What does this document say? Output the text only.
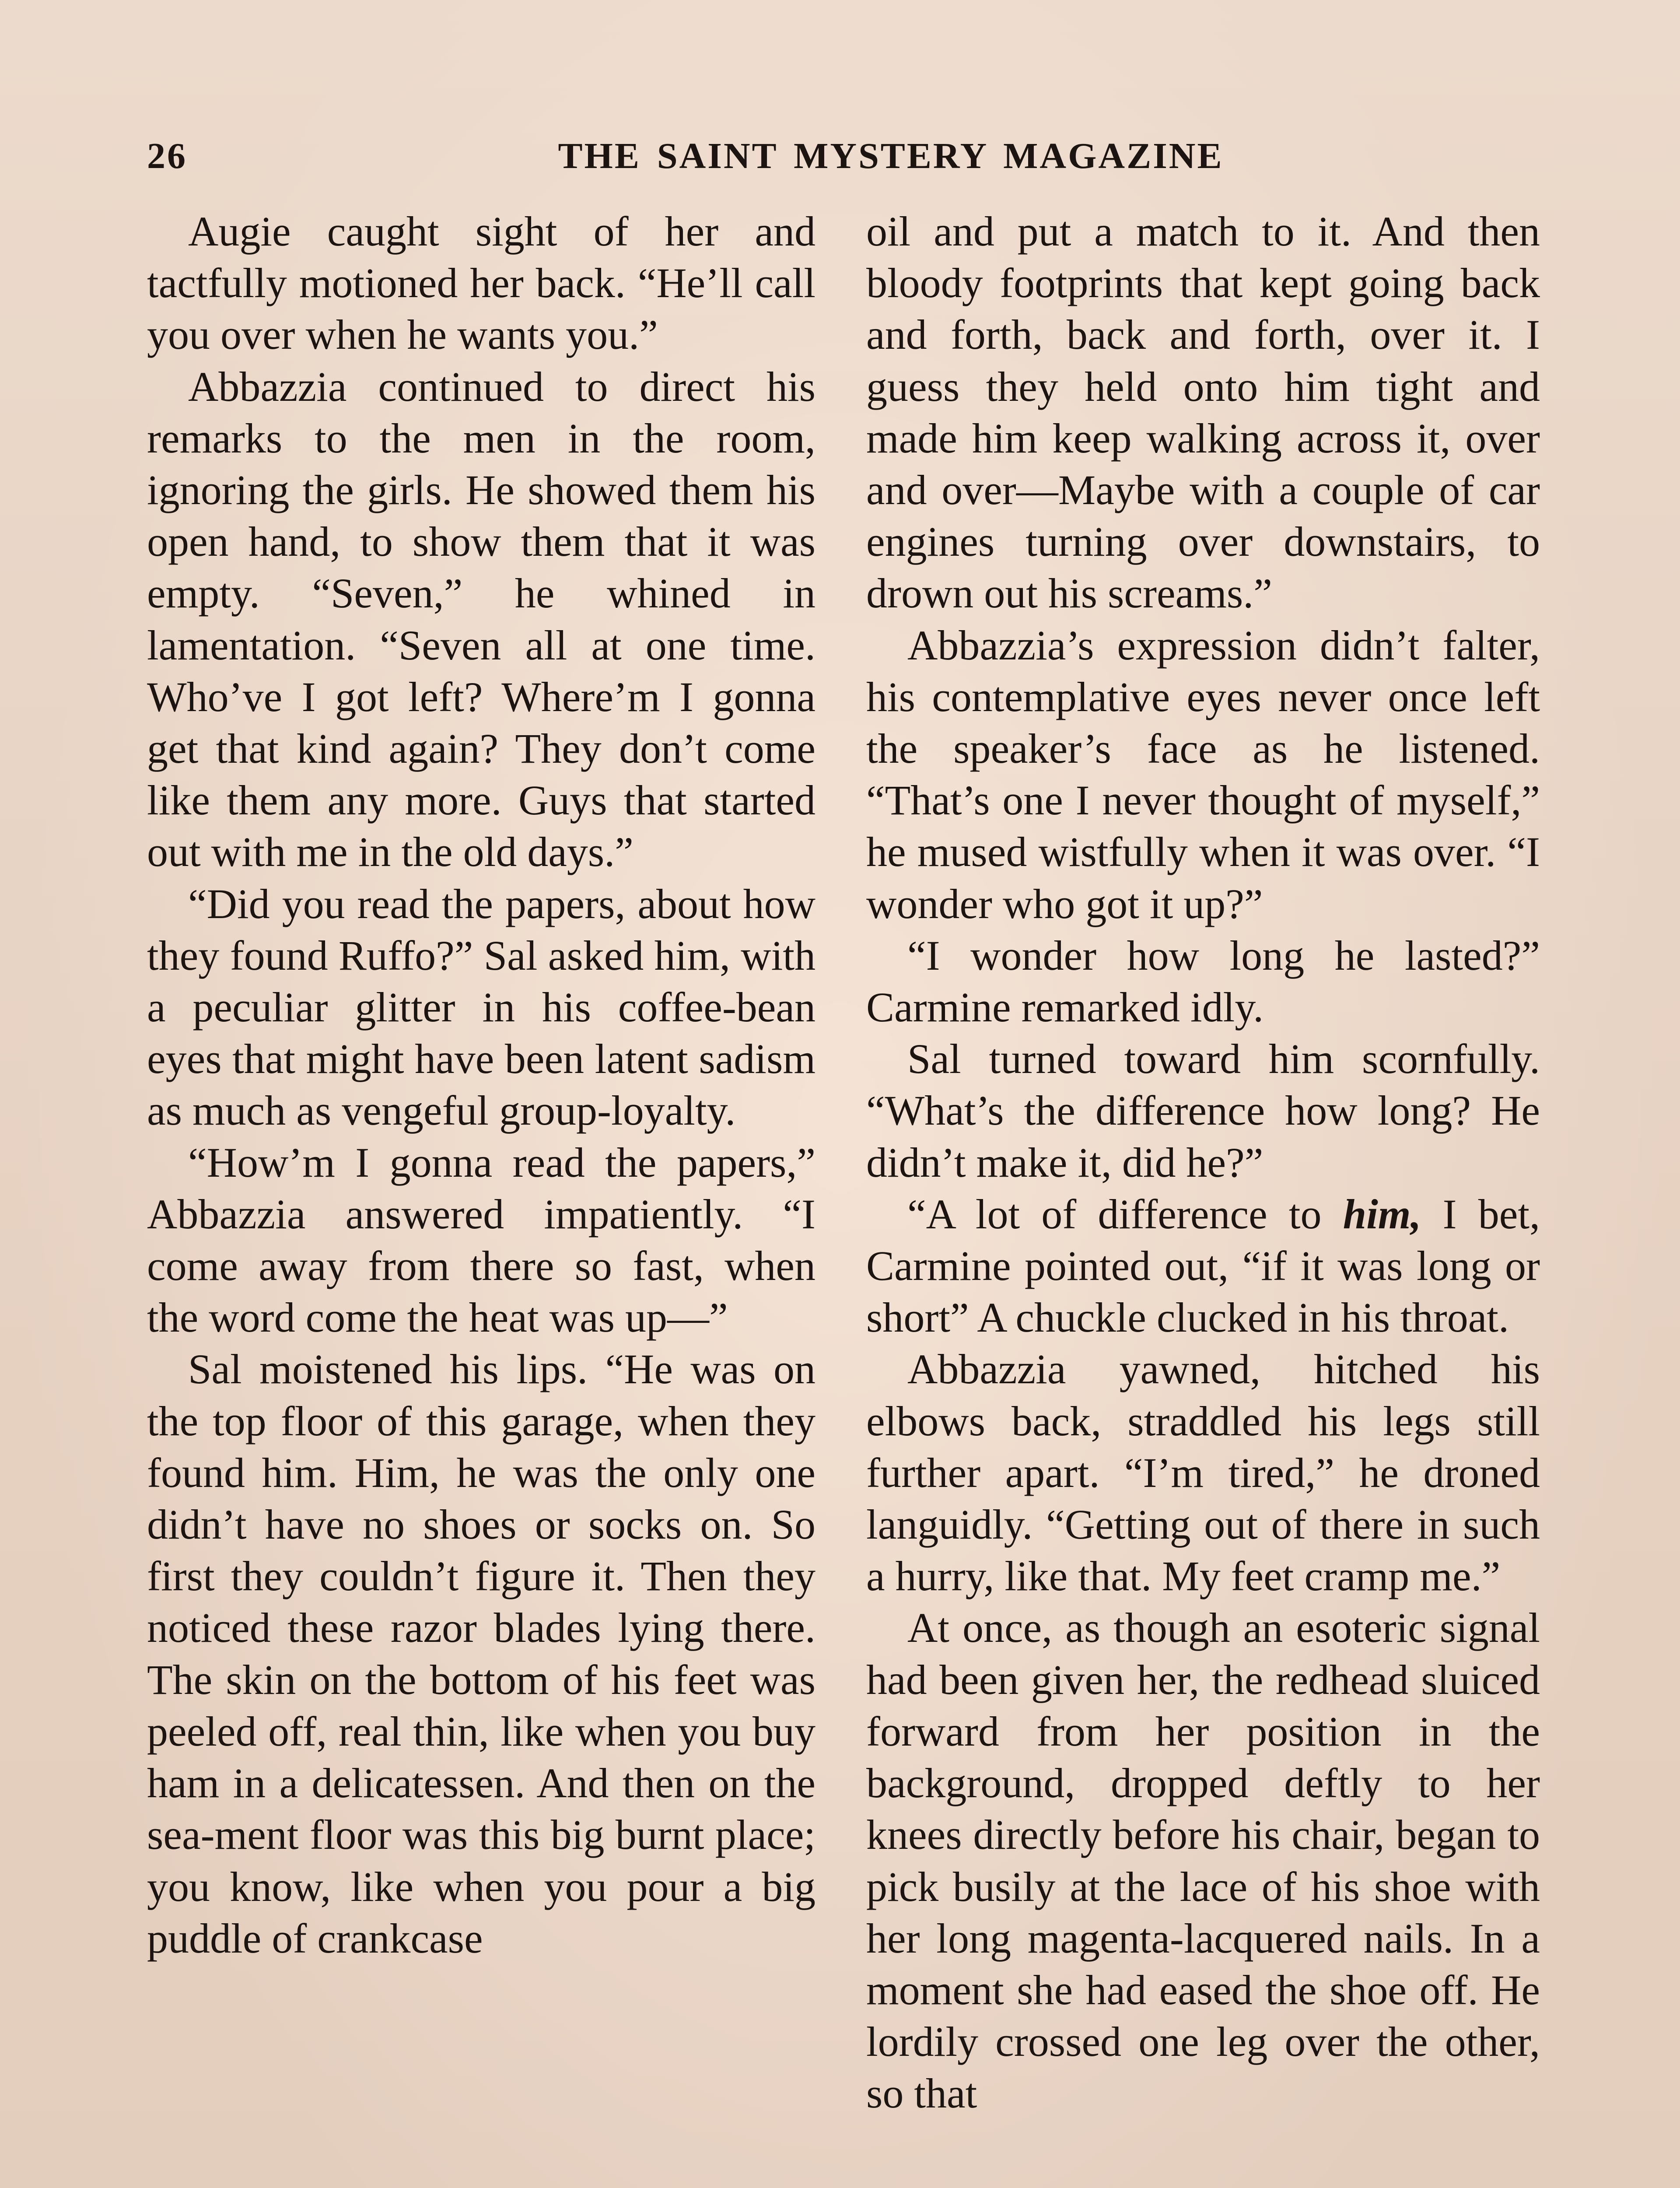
26	THE SAINT MYSTERY MAGAZINE

Augie caught sight of her and tactfully motioned her back. “He’ll call you over when he wants you.”

Abbazzia continued to direct his remarks to the men in the room, ignoring the girls. He showed them his open hand, to show them that it was empty. “Seven,” he whined in lamentation. “Seven all at one time. Who’ve I got left? Where’m I gonna get that kind again? They don’t come like them any more. Guys that started out with me in the old days.”

“Did you read the papers, about how they found Ruffo?” Sal asked him, with a peculiar glitter in his coffee-bean eyes that might have been latent sadism as much as vengeful group-loyalty.

“How’m I gonna read the papers,” Abbazzia answered impatiently. “I come away from there so fast, when the word come the heat was up—”

Sal moistened his lips. “He was on the top floor of this garage, when they found him. Him, he was the only one didn’t have no shoes or socks on. So first they couldn’t figure it. Then they noticed these razor blades lying there. The skin on the bottom of his feet was peeled off, real thin, like when you buy ham in a delicatessen. And then on the sea-ment floor was this big burnt place; you know, like when you pour a big puddle of crankcase

oil and put a match to it. And then bloody footprints that kept going back and forth, back and forth, over it. I guess they held onto him tight and made him keep walking across it, over and over—Maybe with a couple of car engines turning over downstairs, to drown out his screams.”

Abbazzia’s expression didn’t falter, his contemplative eyes never once left the speaker’s face as he listened. “That’s one I never thought of myself,” he mused wistfully when it was over. “I wonder who got it up?”

“I wonder how long he lasted?” Carmine remarked idly.

Sal turned toward him scornfully. “What’s the difference how long? He didn’t make it, did he?”

“A lot of difference to him, I bet, Carmine pointed out, “if it was long or short” A chuckle clucked in his throat.

Abbazzia yawned, hitched his elbows back, straddled his legs still further apart. “I’m tired,” he droned languidly. “Getting out of there in such a hurry, like that. My feet cramp me.”

At once, as though an esoteric signal had been given her, the redhead sluiced forward from her position in the background, dropped deftly to her knees directly before his chair, began to pick busily at the lace of his shoe with her long magenta-lacquered nails. In a moment she had eased the shoe off. He lordily crossed one leg over the other, so that
